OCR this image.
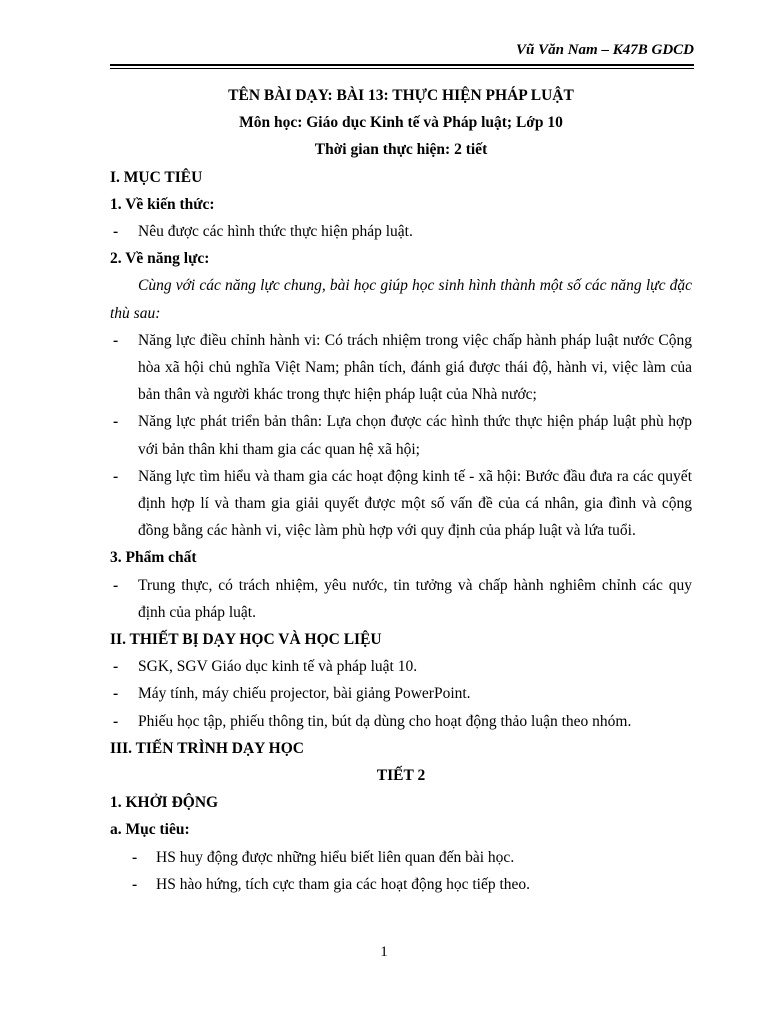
Vũ Văn Nam – K47B GDCD

TÊN BÀI DẠY: BÀI 13: THỰC HIỆN PHÁP LUẬT

Môn học: Giáo dục Kinh tế và Pháp luật; Lớp 10

Thời gian thực hiện: 2 tiết

I. MỤC TIÊU

1. Về kiến thức:

- Nêu được các hình thức thực hiện pháp luật.

2. Về năng lực:

Cùng với các năng lực chung, bài học giúp học sinh hình thành một số các năng lực đặc thù sau:

- Năng lực điều chỉnh hành vi: Có trách nhiệm trong việc chấp hành pháp luật nước Cộng hòa xã hội chủ nghĩa Việt Nam; phân tích, đánh giá được thái độ, hành vi, việc làm của bản thân và người khác trong thực hiện pháp luật của Nhà nước;
- Năng lực phát triển bản thân: Lựa chọn được các hình thức thực hiện pháp luật phù hợp với bản thân khi tham gia các quan hệ xã hội;
- Năng lực tìm hiểu và tham gia các hoạt động kinh tế - xã hội: Bước đầu đưa ra các quyết định hợp lí và tham gia giải quyết được một số vấn đề của cá nhân, gia đình và cộng đồng bằng các hành vi, việc làm phù hợp với quy định của pháp luật và lứa tuổi.

3. Phẩm chất

- Trung thực, có trách nhiệm, yêu nước, tin tưởng và chấp hành nghiêm chỉnh các quy định của pháp luật.

II. THIẾT BỊ DẠY HỌC VÀ HỌC LIỆU

- SGK, SGV Giáo dục kinh tế và pháp luật 10.
- Máy tính, máy chiếu projector, bài giảng PowerPoint.
- Phiếu học tập, phiếu thông tin, bút dạ dùng cho hoạt động thảo luận theo nhóm.

III. TIẾN TRÌNH DẠY HỌC

TIẾT 2

1. KHỞI ĐỘNG

a. Mục tiêu:

- HS huy động được những hiểu biết liên quan đến bài học.
- HS hào hứng, tích cực tham gia các hoạt động học tiếp theo.
1
